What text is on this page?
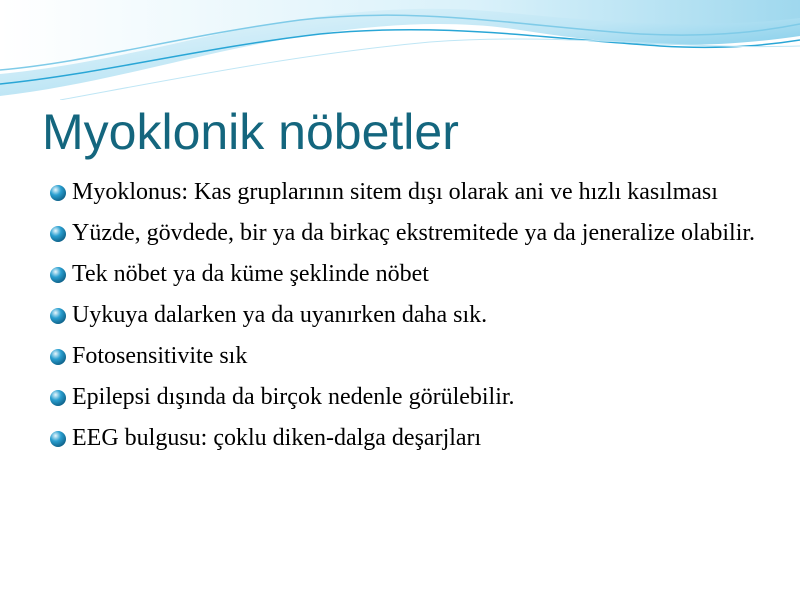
Myoklonik nöbetler
Myoklonus: Kas gruplarının sitem dışı olarak ani ve hızlı kasılması
Yüzde, gövdede, bir ya da birkaç ekstremitede ya da jeneralize olabilir.
Tek nöbet ya da küme şeklinde nöbet
Uykuya dalarken ya da uyanırken daha sık.
Fotosensitivite sık
Epilepsi dışında da birçok nedenle görülebilir.
EEG bulgusu: çoklu diken-dalga deşarjları
